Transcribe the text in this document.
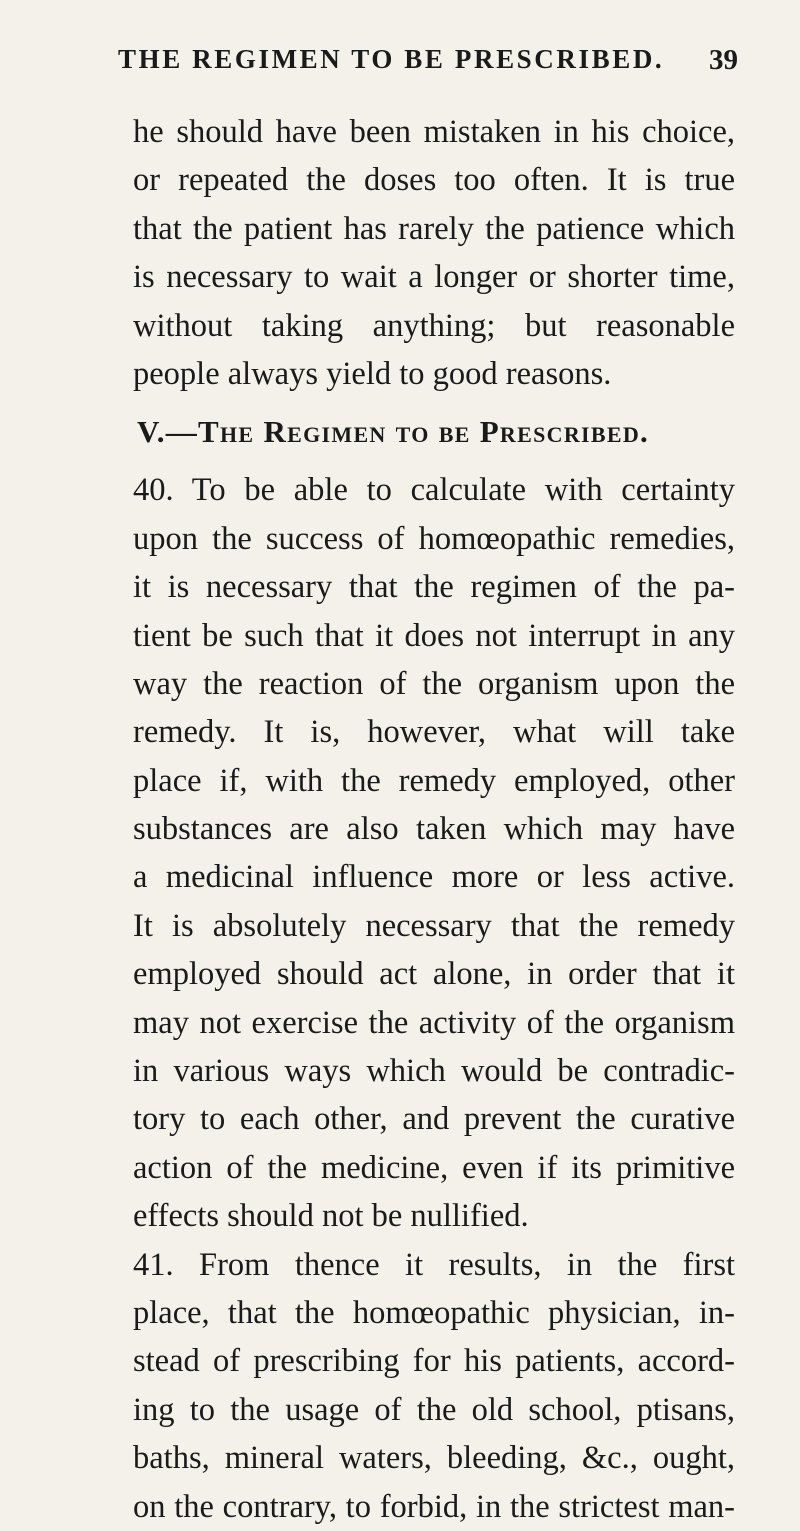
THE REGIMEN TO BE PRESCRIBED. 39
he should have been mistaken in his choice,
or repeated the doses too often. It is true
that the patient has rarely the patience which
is necessary to wait a longer or shorter time,
without taking anything; but reasonable
people always yield to good reasons.
V.—The Regimen to be Prescribed.
40. To be able to calculate with certainty
upon the success of homœopathic remedies,
it is necessary that the regimen of the pa-
tient be such that it does not interrupt in any
way the reaction of the organism upon the
remedy. It is, however, what will take
place if, with the remedy employed, other
substances are also taken which may have
a medicinal influence more or less active.
It is absolutely necessary that the remedy
employed should act alone, in order that it
may not exercise the activity of the organism
in various ways which would be contradic-
tory to each other, and prevent the curative
action of the medicine, even if its primitive
effects should not be nullified.
41. From thence it results, in the first
place, that the homœopathic physician, in-
stead of prescribing for his patients, accord-
ing to the usage of the old school, ptisans,
baths, mineral waters, bleeding, &c., ought,
on the contrary, to forbid, in the strictest man-
